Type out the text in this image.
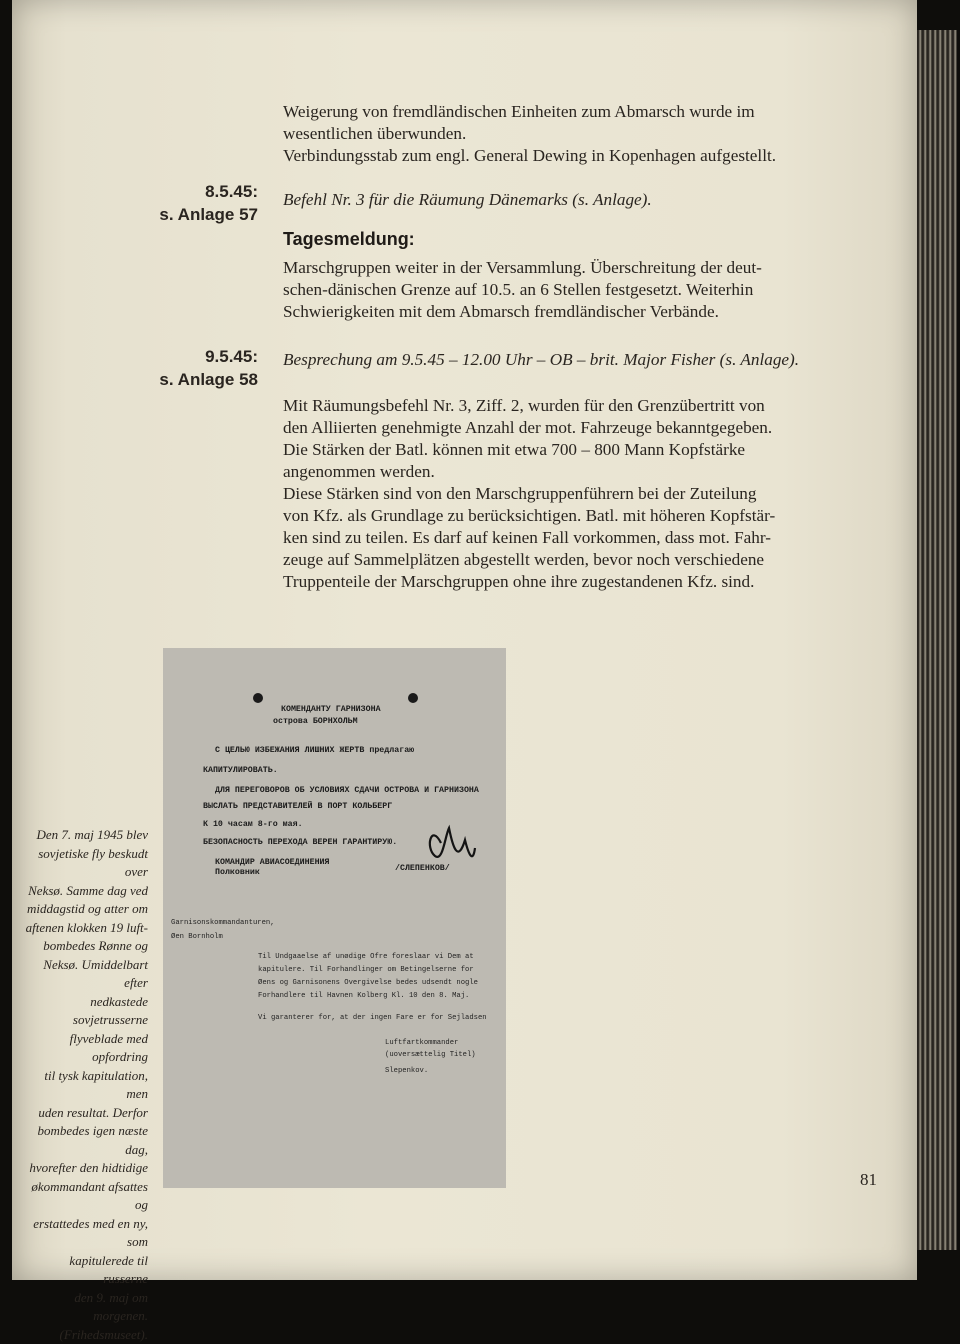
Weigerung von fremdländischen Einheiten zum Abmarsch wurde im
wesentlichen überwunden.
Verbindungsstab zum engl. General Dewing in Kopenhagen aufgestellt.
8.5.45:
s. Anlage 57
Befehl Nr. 3 für die Räumung Dänemarks (s. Anlage).
Tagesmeldung:
Marschgruppen weiter in der Versammlung. Überschreitung der deut-
schen-dänischen Grenze auf 10.5. an 6 Stellen festgesetzt. Weiterhin
Schwierigkeiten mit dem Abmarsch fremdländischer Verbände.
9.5.45:
s. Anlage 58
Besprechung am 9.5.45 – 12.00 Uhr – OB – brit. Major Fisher (s. Anlage).
Mit Räumungsbefehl Nr. 3, Ziff. 2, wurden für den Grenzübertritt von
den Alliierten genehmigte Anzahl der mot. Fahrzeuge bekanntgegeben.
Die Stärken der Batl. können mit etwa 700 – 800 Mann Kopfstärke
angenommen werden.
Diese Stärken sind von den Marschgruppenführern bei der Zuteilung
von Kfz. als Grundlage zu berücksichtigen. Batl. mit höheren Kopfstär-
ken sind zu teilen. Es darf auf keinen Fall vorkommen, dass mot. Fahr-
zeuge auf Sammelplätzen abgestellt werden, bevor noch verschiedene
Truppenteile der Marschgruppen ohne ihre zugestandenen Kfz. sind.
КОМЕНДАНТУ ГАРНИЗОНА
острова БОРНХОЛЬМ
С ЦЕЛЬЮ ИЗБЕЖАНИЯ ЛИШНИХ ЖЕРТВ предлагаю
КАПИТУЛИРОВАТЬ.
ДЛЯ ПЕРЕГОВОРОВ ОБ УСЛОВИЯХ СДАЧИ ОСТРОВА И ГАРНИЗОНА
ВЫСЛАТЬ ПРЕДСТАВИТЕЛЕЙ В ПОРТ КОЛЬБЕРГ
К 10 часам 8-го мая.
БЕЗОПАСНОСТЬ ПЕРЕХОДА ВЕРЕН ГАРАНТИРУЮ.
КОМАНДИР АВИАСОЕДИНЕНИЯ
Полковник	/СЛЕПЕНКОВ/
Garnisonskommandanturen,
Øen Bornholm
Til Undgaaelse af unødige Ofre foreslaar vi Dem at
kapitulere. Til Forhandlinger om Betingelserne for
Øens og Garnisonens Overgivelse bedes udsendt nogle
Forhandlere til Havnen Kolberg Kl. 10 den 8. Maj.
Vi garanterer for, at der ingen Fare er for Sejladsen
Luftfartkommander
(uoversættelig Titel)
Slepenkov.
Den 7. maj 1945 blev
sovjetiske fly beskudt over
Neksø. Samme dag ved
middagstid og atter om
aftenen klokken 19 luft-
bombedes Rønne og
Neksø. Umiddelbart efter
nedkastede sovjetrusserne
flyveblade med opfordring
til tysk kapitulation, men
uden resultat. Derfor
bombedes igen næste dag,
hvorefter den hidtidige
økommandant afsattes og
erstattedes med en ny, som
kapitulerede til russerne
den 9. maj om morgenen.
(Frihedsmuseet).
81
